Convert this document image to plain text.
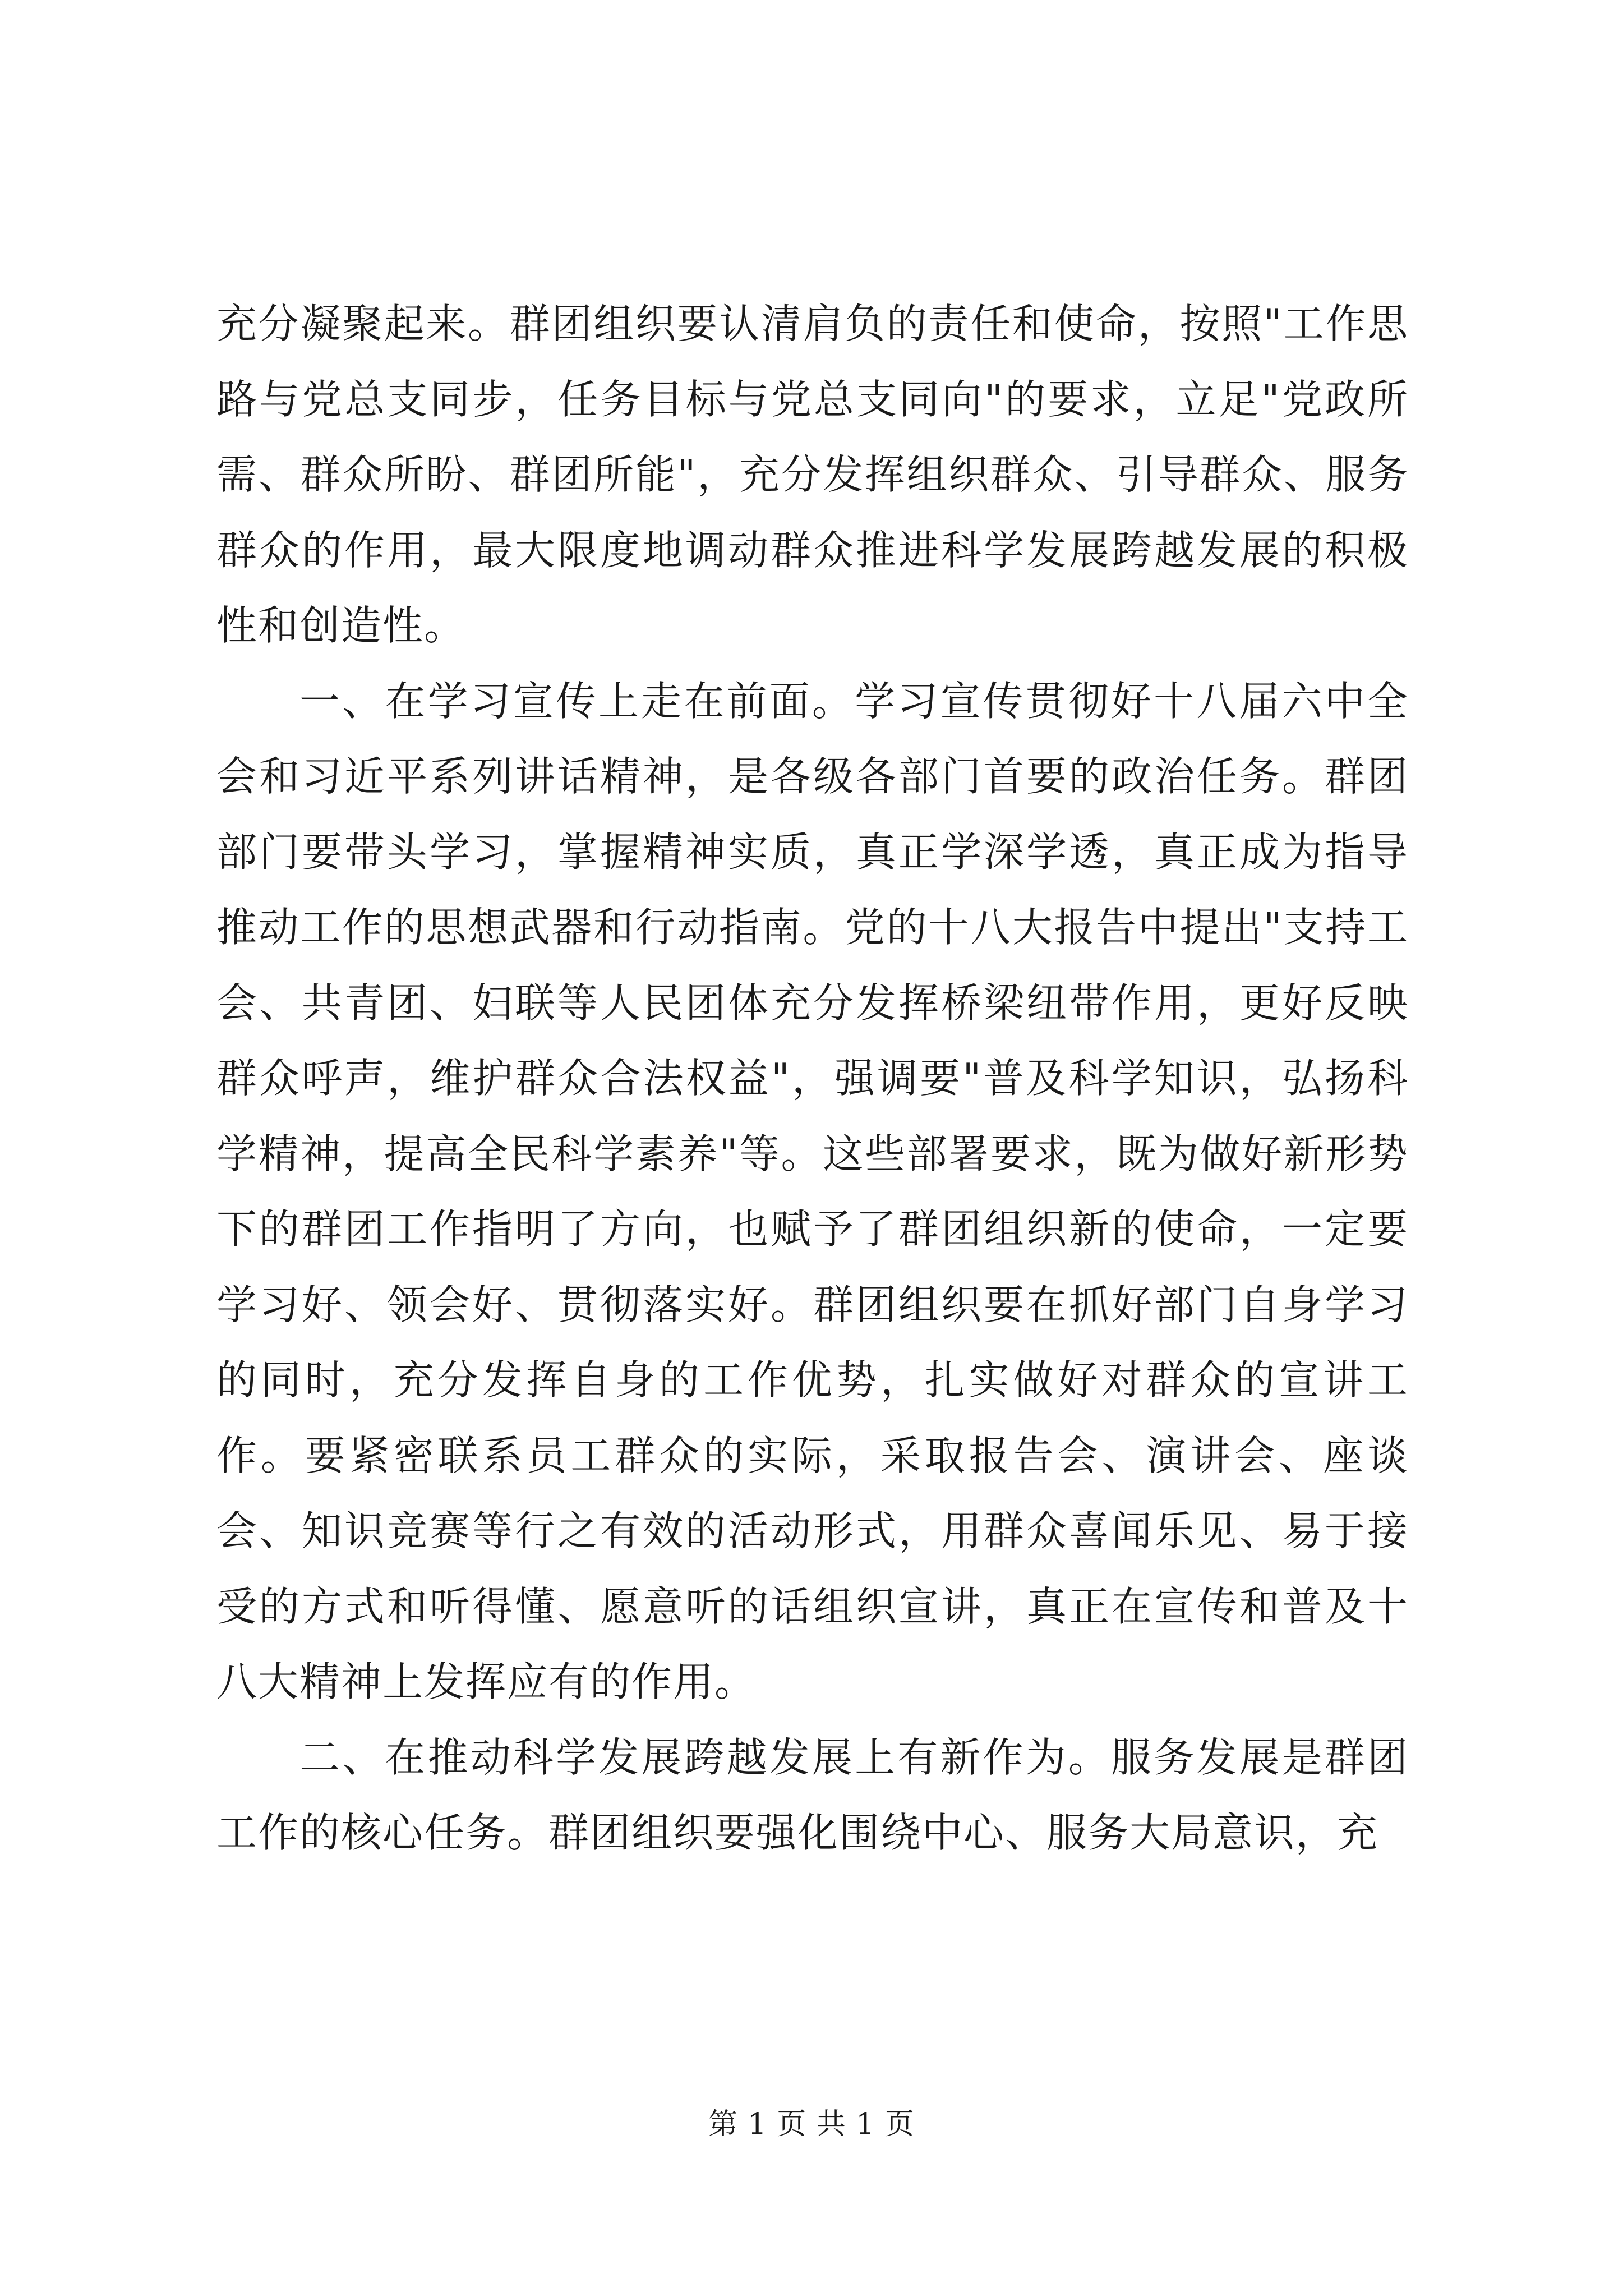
充分凝聚起来。群团组织要认清肩负的责任和使命，按照"工作思路与党总支同步，任务目标与党总支同向"的要求，立足"党政所需、群众所盼、群团所能"，充分发挥组织群众、引导群众、服务群众的作用，最大限度地调动群众推进科学发展跨越发展的积极性和创造性。

一、在学习宣传上走在前面。学习宣传贯彻好十八届六中全会和习近平系列讲话精神，是各级各部门首要的政治任务。群团部门要带头学习，掌握精神实质，真正学深学透，真正成为指导推动工作的思想武器和行动指南。党的十八大报告中提出"支持工会、共青团、妇联等人民团体充分发挥桥梁纽带作用，更好反映群众呼声，维护群众合法权益"，强调要"普及科学知识，弘扬科学精神，提高全民科学素养"等。这些部署要求，既为做好新形势下的群团工作指明了方向，也赋予了群团组织新的使命，一定要学习好、领会好、贯彻落实好。群团组织要在抓好部门自身学习的同时，充分发挥自身的工作优势，扎实做好对群众的宣讲工作。要紧密联系员工群众的实际，采取报告会、演讲会、座谈会、知识竞赛等行之有效的活动形式，用群众喜闻乐见、易于接受的方式和听得懂、愿意听的话组织宣讲，真正在宣传和普及十八大精神上发挥应有的作用。

二、在推动科学发展跨越发展上有新作为。服务发展是群团工作的核心任务。群团组织要强化围绕中心、服务大局意识，充

第 1 页 共 1 页
